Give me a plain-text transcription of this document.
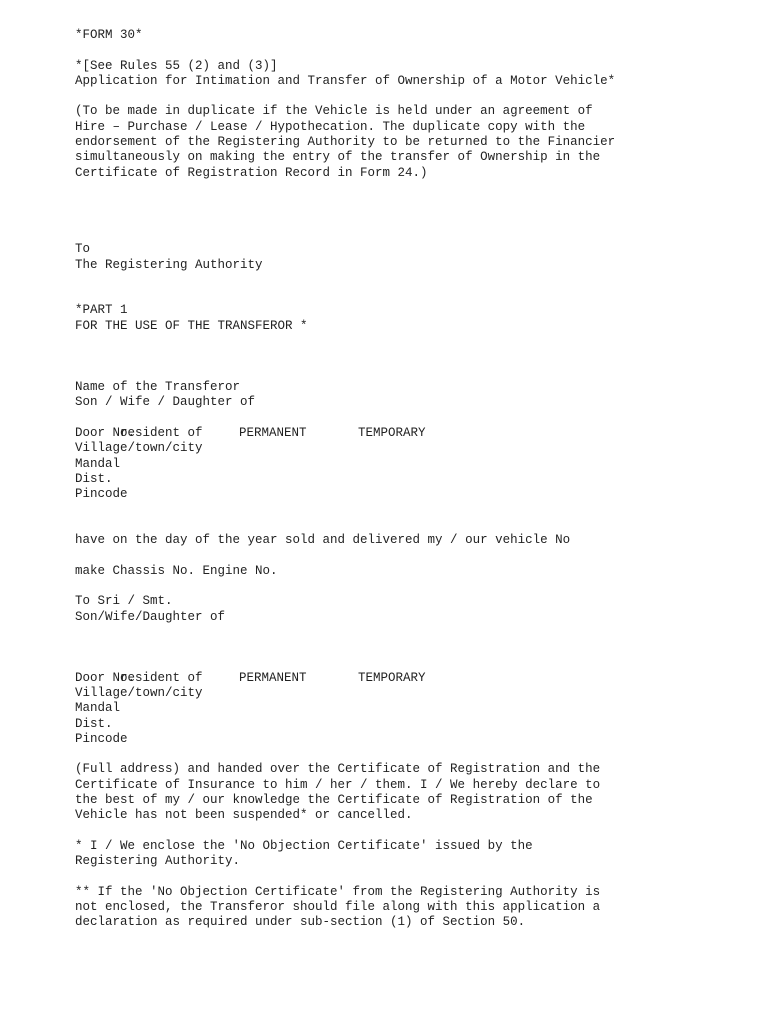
*FORM 30*
*[See Rules 55 (2) and (3)]
Application for Intimation and Transfer of Ownership of a Motor Vehicle*
(To be made in duplicate if the Vehicle is held under an agreement of
Hire – Purchase / Lease / Hypothecation. The duplicate copy with the
endorsement of the Registering Authority to be returned to the Financier
simultaneously on making the entry of the transfer of Ownership in the
Certificate of Registration Record in Form 24.)
To
The Registering Authority
*PART 1
FOR THE USE OF THE TRANSFEROR *
Name of the Transferor
Son / Wife / Daughter of

resident of	PERMANENT	TEMPORARY

Door No.
Village/town/city
Mandal
Dist.
Pincode
have on the day of the year sold and delivered my / our vehicle No
make Chassis No. Engine No.
To Sri / Smt.
Son/Wife/Daughter of

resident of	PERMANENT	TEMPORARY

Door No.
Village/town/city
Mandal
Dist.
Pincode
(Full address) and handed over the Certificate of Registration and the
Certificate of Insurance to him / her / them. I / We hereby declare to
the best of my / our knowledge the Certificate of Registration of the
Vehicle has not been suspended* or cancelled.
* I / We enclose the 'No Objection Certificate' issued by the
Registering Authority.
** If the 'No Objection Certificate' from the Registering Authority is
not enclosed, the Transferor should file along with this application a
declaration as required under sub-section (1) of Section 50.
